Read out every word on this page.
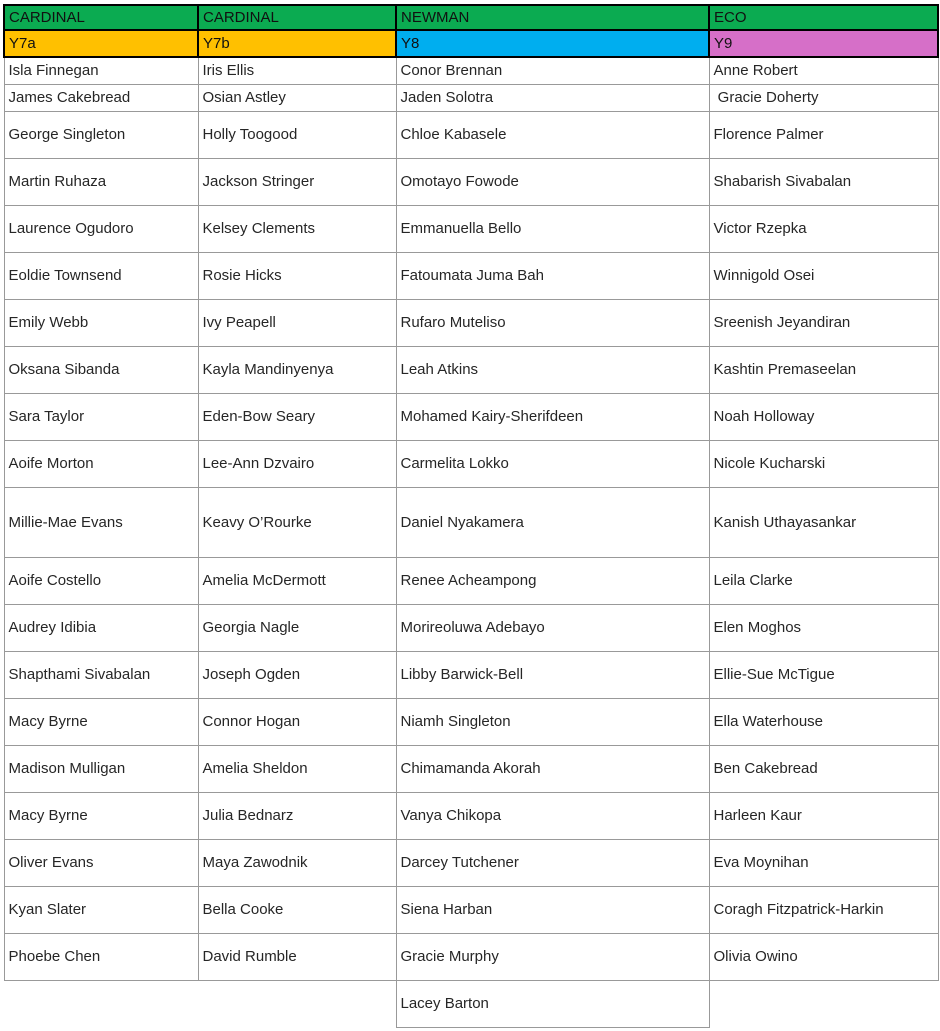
CARDINAL	CARDINAL	NEWMAN	ECO
Y7a	Y7b	Y8	Y9
Isla Finnegan	Iris Ellis	Conor Brennan	Anne Robert
James Cakebread	Osian Astley	Jaden Solotra	Gracie Doherty
George Singleton	Holly Toogood	Chloe Kabasele	Florence Palmer
Martin Ruhaza	Jackson Stringer	Omotayo Fowode	Shabarish Sivabalan
Laurence Ogudoro	Kelsey Clements	Emmanuella Bello	Victor Rzepka
Eoldie Townsend	Rosie Hicks	Fatoumata Juma Bah	Winnigold Osei
Emily Webb	Ivy Peapell	Rufaro Muteliso	Sreenish Jeyandiran
Oksana Sibanda	Kayla Mandinyenya	Leah Atkins	Kashtin Premaseelan
Sara Taylor	Eden-Bow Seary	Mohamed Kairy-Sherifdeen	Noah Holloway
Aoife Morton	Lee-Ann Dzvairo	Carmelita Lokko	Nicole Kucharski
Millie-Mae Evans	Keavy O’Rourke	Daniel Nyakamera	Kanish Uthayasankar
Aoife Costello	Amelia McDermott	Renee Acheampong	Leila Clarke
Audrey Idibia	Georgia Nagle	Morireoluwa Adebayo	Elen Moghos
Shapthami Sivabalan	Joseph Ogden	Libby Barwick-Bell	Ellie-Sue McTigue
Macy Byrne	Connor Hogan	Niamh Singleton	Ella Waterhouse
Madison Mulligan	Amelia Sheldon	Chimamanda Akorah	Ben Cakebread
Macy Byrne	Julia Bednarz	Vanya Chikopa	Harleen Kaur
Oliver Evans	Maya Zawodnik	Darcey Tutchener	Eva Moynihan
Kyan Slater	Bella Cooke	Siena Harban	Coragh Fitzpatrick-Harkin
Phoebe Chen	David Rumble	Gracie Murphy	Olivia Owino
		Lacey Barton	
